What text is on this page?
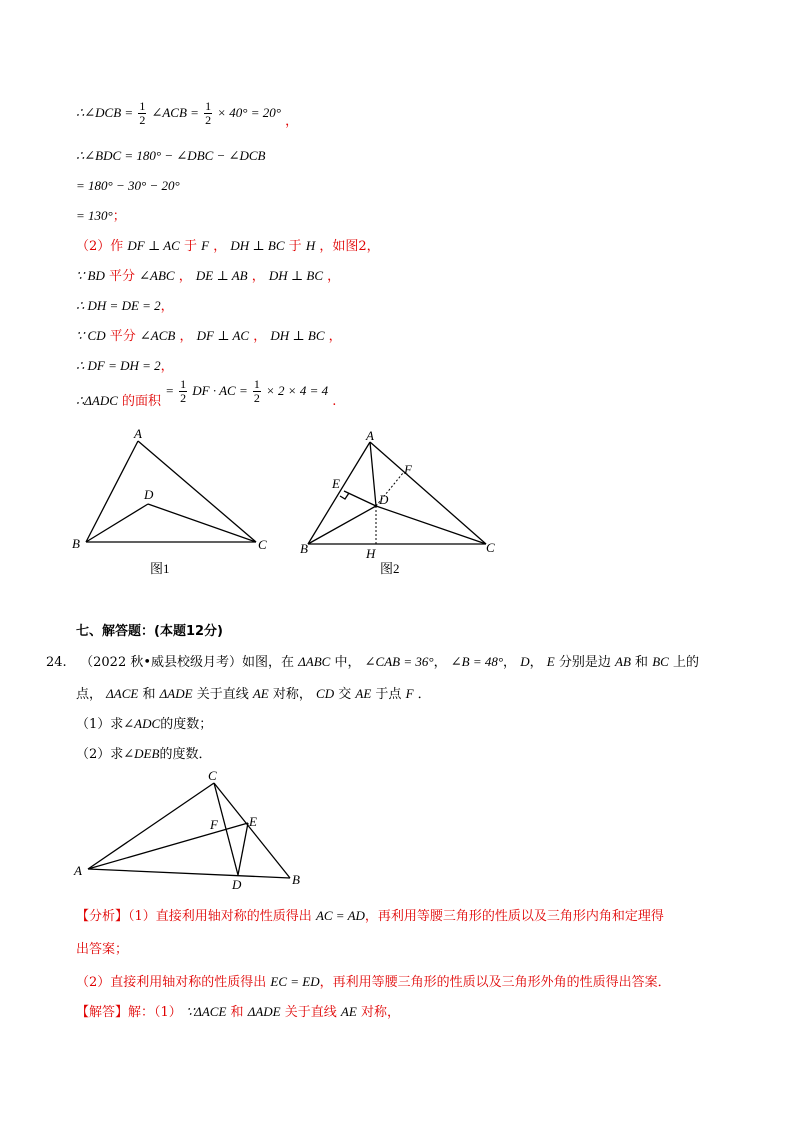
∴∠DCB = $\frac{1}{2}$ ∠ACB = $\frac{1}{2} \times 40^\circ = 20^\circ$ ，
∴∠BDC = 180° − ∠DBC − ∠DCB
= 180° − 30° − 20°
= 130°；
（2）作 DF ⊥ AC 于 F ， DH ⊥ BC 于 H ，如图2，
∵ BD 平分 ∠ABC ， DE ⊥ AB ， DH ⊥ BC ，
∴ DH = DE = 2，
∵ CD 平分 ∠ACB ， DF ⊥ AC ， DH ⊥ BC ，
∴ DF = DH = 2，
∴ΔADC 的面积 = $\frac{1}{2}$ DF · AC = $\frac{1}{2} \times 2 \times 4 = 4$ .
A
B	C
D
图1
A
B	C
D
E
F
H
图2
七、解答题：(本题12分)
24. （2022 秋•威县校级月考）如图，在 ΔABC 中， ∠CAB = 36°， ∠B = 48°， D， E 分别是边 AB 和 BC 上的
点， ΔACE 和 ΔADE 关于直线 AE 对称， CD 交 AE 于点 F ．
（1）求∠ADC的度数；
（2）求∠DEB的度数．
A
B
C
D
E
F
【分析】（1）直接利用轴对称的性质得出 AC = AD，再利用等腰三角形的性质以及三角形内角和定理得
出答案；
（2）直接利用轴对称的性质得出 EC = ED，再利用等腰三角形的性质以及三角形外角的性质得出答案．
【解答】解：（1） ∵ΔACE 和 ΔADE 关于直线 AE 对称，
